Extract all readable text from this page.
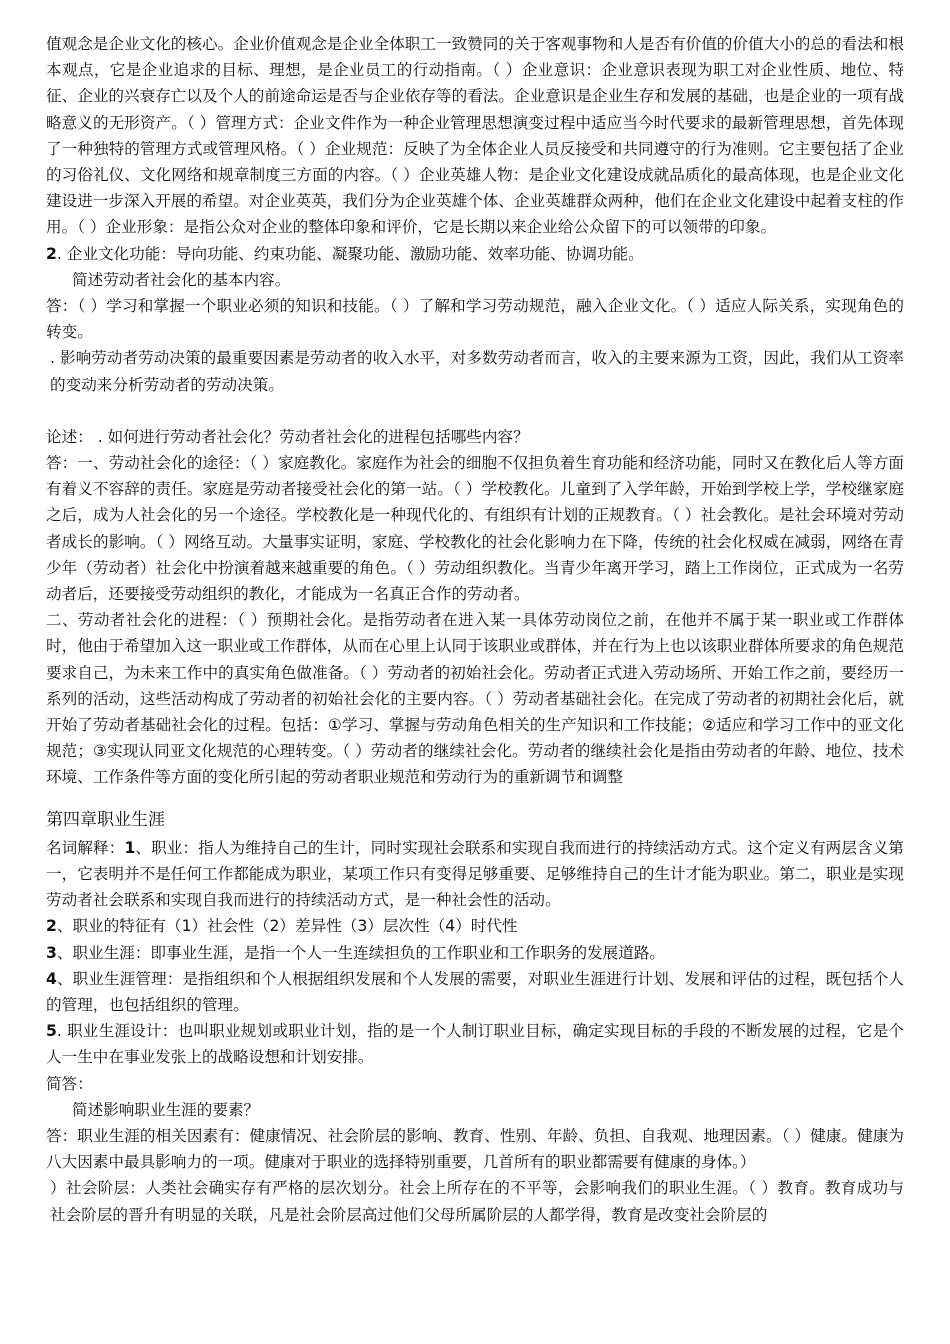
值观念是企业文化的核心。企业价值观念是企业全体职工一致赞同的关于客观事物和人是否有价值的价值大小的总的看法和根本观点，它是企业追求的目标、理想，是企业员工的行动指南。（ ）企业意识：企业意识表现为职工对企业性质、地位、特征、企业的兴衰存亡以及个人的前途命运是否与企业依存等的看法。企业意识是企业生存和发展的基础，也是企业的一项有战略意义的无形资产。（ ）管理方式：企业文件作为一种企业管理思想演变过程中适应当今时代要求的最新管理思想，首先体现了一种独特的管理方式或管理风格。（ ）企业规范：反映了为全体企业人员反接受和共同遵守的行为准则。它主要包括了企业的习俗礼仪、文化网络和规章制度三方面的内容。（ ）企业英雄人物：是企业文化建设成就品质化的最高体现，也是企业文化建设进一步深入开展的希望。对企业英英，我们分为企业英雄个体、企业英雄群众两种，他们在企业文化建设中起着支柱的作用。（ ）企业形象：是指公众对企业的整体印象和评价，它是长期以来企业给公众留下的可以领带的印象。

2. 企业文化功能：导向功能、约束功能、凝聚功能、激励功能、效率功能、协调功能。

简述劳动者社会化的基本内容。

答：（ ）学习和掌握一个职业必须的知识和技能。（ ）了解和学习劳动规范，融入企业文化。（ ）适应人际关系，实现角色的转变。

. 影响劳动者劳动决策的最重要因素是劳动者的收入水平，对多数劳动者而言，收入的主要来源为工资，因此，我们从工资率的变动来分析劳动者的劳动决策。

论述： . 如何进行劳动者社会化？劳动者社会化的进程包括哪些内容？

答：一、劳动社会化的途径：（ ）家庭教化。家庭作为社会的细胞不仅担负着生育功能和经济功能，同时又在教化后人等方面有着义不容辞的责任。家庭是劳动者接受社会化的第一站。（ ）学校教化。儿童到了入学年龄，开始到学校上学，学校继家庭之后，成为人社会化的另一个途径。学校教化是一种现代化的、有组织有计划的正规教育。（ ）社会教化。是社会环境对劳动者成长的影响。（ ）网络互动。大量事实证明，家庭、学校教化的社会化影响力在下降，传统的社会化权威在减弱，网络在青少年（劳动者）社会化中扮演着越来越重要的角色。（ ）劳动组织教化。当青少年离开学习，踏上工作岗位，正式成为一名劳动者后，还要接受劳动组织的教化，才能成为一名真正合作的劳动者。

二、劳动者社会化的进程：（ ）预期社会化。是指劳动者在进入某一具体劳动岗位之前，在他并不属于某一职业或工作群体时，他由于希望加入这一职业或工作群体，从而在心里上认同于该职业或群体，并在行为上也以该职业群体所要求的角色规范要求自己，为未来工作中的真实角色做准备。（ ）劳动者的初始社会化。劳动者正式进入劳动场所、开始工作之前，要经历一系列的活动，这些活动构成了劳动者的初始社会化的主要内容。（ ）劳动者基础社会化。在完成了劳动者的初期社会化后，就开始了劳动者基础社会化的过程。包括：①学习、掌握与劳动角色相关的生产知识和工作技能；②适应和学习工作中的亚文化规范；③实现认同亚文化规范的心理转变。（ ）劳动者的继续社会化。劳动者的继续社会化是指由劳动者的年龄、地位、技术环境、工作条件等方面的变化所引起的劳动者职业规范和劳动行为的重新调节和调整

第四章职业生涯

名词解释：1、职业：指人为维持自己的生计，同时实现社会联系和实现自我而进行的持续活动方式。这个定义有两层含义第一，它表明并不是任何工作都能成为职业，某项工作只有变得足够重要、足够维持自己的生计才能为职业。第二，职业是实现劳动者社会联系和实现自我而进行的持续活动方式，是一种社会性的活动。

2、职业的特征有（1）社会性（2）差异性（3）层次性（4）时代性

3、职业生涯：即事业生涯，是指一个人一生连续担负的工作职业和工作职务的发展道路。

4、职业生涯管理：是指组织和个人根据组织发展和个人发展的需要，对职业生涯进行计划、发展和评估的过程，既包括个人的管理，也包括组织的管理。

5. 职业生涯设计：也叫职业规划或职业计划，指的是一个人制订职业目标，确定实现目标的手段的不断发展的过程，它是个人一生中在事业发张上的战略设想和计划安排。

简答：

简述影响职业生涯的要素？

答：职业生涯的相关因素有：健康情况、社会阶层的影响、教育、性别、年龄、负担、自我观、地理因素。（ ）健康。健康为八大因素中最具影响力的一项。健康对于职业的选择特别重要，几首所有的职业都需要有健康的身体。）

）社会阶层：人类社会确实存有严格的层次划分。社会上所存在的不平等，会影响我们的职业生涯。（ ）教育。教育成功与社会阶层的晋升有明显的关联，凡是社会阶层高过他们父母所属阶层的人都学得，教育是改变社会阶层的
